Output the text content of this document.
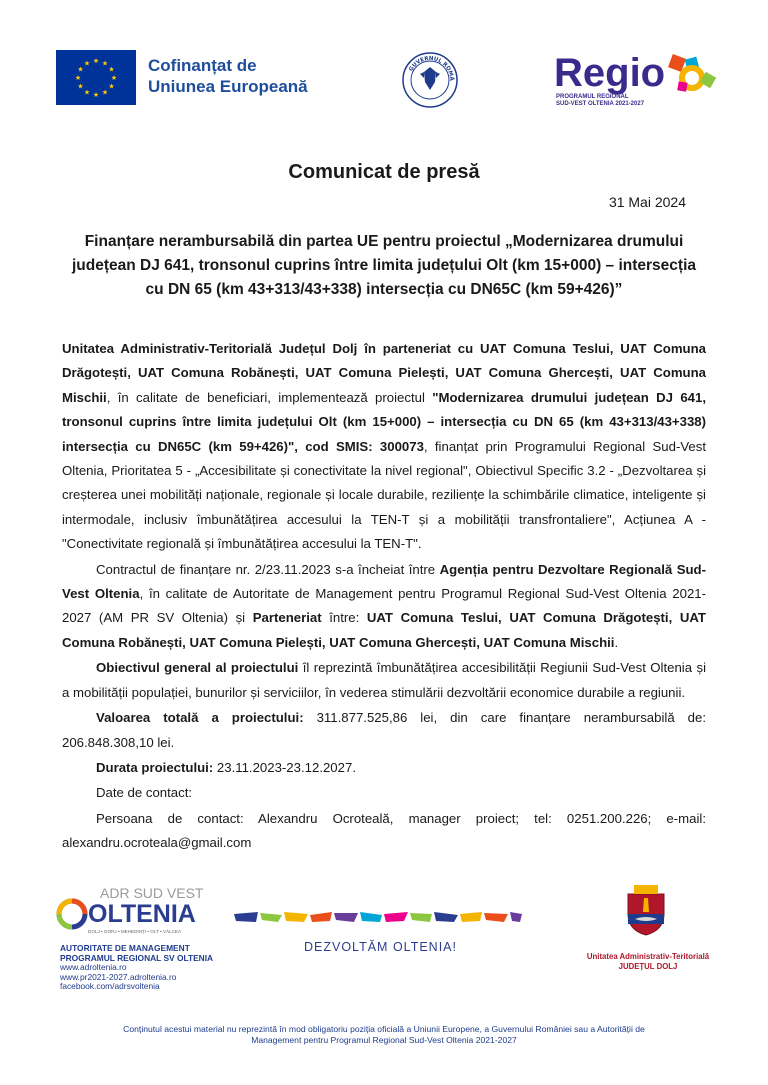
★ ★
★
★
★
★
★
★
★
★
★
★	Cofinanțat de
Uniunea Europeană
GUVERNUL ROMÂ Regio
PROGRAMUL REGIONAL
SUD-VEST OLTENIA 2021-2027
Comunicat de presă
31 Mai 2024
Finanțare nerambursabilă din partea UE pentru proiectul „Modernizarea drumului județean DJ 641, tronsonul cuprins între limita județului Olt (km 15+000) – intersecția cu DN 65 (km 43+313/43+338) intersecția cu DN65C (km 59+426)”

Unitatea Administrativ-Teritorială Județul Dolj în parteneriat cu UAT Comuna Teslui, UAT Comuna Drăgotești, UAT Comuna Robănești, UAT Comuna Pielești, UAT Comuna Ghercești, UAT Comuna Mischii, în calitate de beneficiari, implementează proiectul "Modernizarea drumului județean DJ 641, tronsonul cuprins între limita județului Olt (km 15+000) – intersecția cu DN 65 (km 43+313/43+338) intersecția cu DN65C (km 59+426)", cod SMIS: 300073, finanțat prin Programului Regional Sud-Vest Oltenia, Prioritatea 5 - „Accesibilitate și conectivitate la nivel regional", Obiectivul Specific 3.2 - „Dezvoltarea și creșterea unei mobilități naționale, regionale și locale durabile, reziliențe la schimbările climatice, inteligente și intermodale, inclusiv îmbunătățirea accesului la TEN-T și a mobilității transfrontaliere", Acțiunea A - "Conectivitate regională și îmbunătățirea accesului la TEN-T".

Contractul de finanțare nr. 2/23.11.2023 s-a încheiat între Agenția pentru Dezvoltare Regională Sud-Vest Oltenia, în calitate de Autoritate de Management pentru Programul Regional Sud-Vest Oltenia 2021-2027 (AM PR SV Oltenia) și Parteneriat între: UAT Comuna Teslui, UAT Comuna Drăgotești, UAT Comuna Robănești, UAT Comuna Pielești, UAT Comuna Ghercești, UAT Comuna Mischii.

Obiectivul general al proiectului îl reprezintă îmbunătățirea accesibilității Regiunii Sud-Vest Oltenia și a mobilității populației, bunurilor și serviciilor, în vederea stimulării dezvoltării economice durabile a regiunii.

Valoarea totală a proiectului: 311.877.525,86 lei, din care finanțare nerambursabilă de: 206.848.308,10 lei.

Durata proiectului: 23.11.2023-23.12.2027.

Date de contact:

Persoana de contact: Alexandru Ocroteală, manager proiect; tel: 0251.200.226; e-mail: alexandru.ocroteala@gmail.com

ADR SUD VEST
OLTENIA
DOLJ • GORJ • MEHEDINȚI • OLT • VÂLCEA
AUTORITATE DE MANAGEMENT
PROGRAMUL REGIONAL SV OLTENIA
www.adroltenia.ro
www.pr2021-2027.adroltenia.ro
facebook.com/adrsvoltenia
DEZVOLTĂM OLTENIA!
Unitatea Administrativ-Teritorială
JUDEȚUL DOLJ
Conținutul acestui material nu reprezintă în mod obligatoriu poziția oficială a Uniunii Europene, a Guvernului României sau a Autorității de Management pentru Programul Regional Sud-Vest Oltenia 2021-2027
